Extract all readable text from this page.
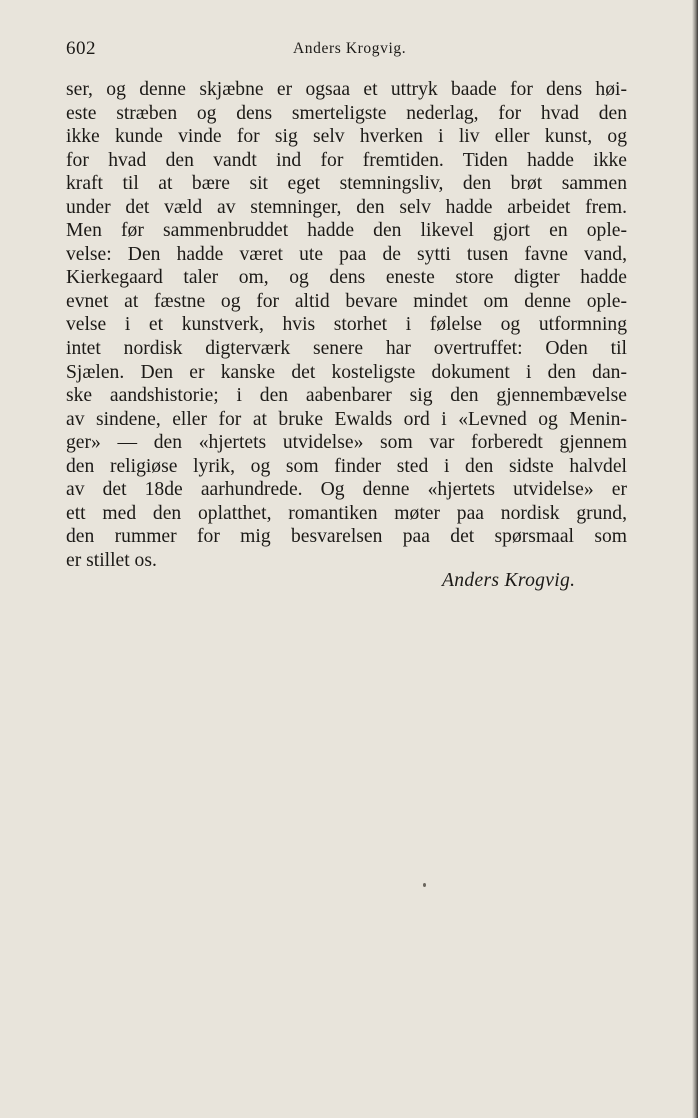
602	Anders Krogvig.
ser, og denne skjæbne er ogsaa et uttryk baade for dens høi-
este stræben og dens smerteligste nederlag, for hvad den
ikke kunde vinde for sig selv hverken i liv eller kunst, og
for hvad den vandt ind for fremtiden. Tiden hadde ikke
kraft til at bære sit eget stemningsliv, den brøt sammen
under det væld av stemninger, den selv hadde arbeidet frem.
Men før sammenbruddet hadde den likevel gjort en ople-
velse: Den hadde været ute paa de sytti tusen favne vand,
Kierkegaard taler om, og dens eneste store digter hadde
evnet at fæstne og for altid bevare mindet om denne ople-
velse i et kunstverk, hvis storhet i følelse og utformning
intet nordisk digterværk senere har overtruffet: Oden til
Sjælen. Den er kanske det kosteligste dokument i den dan-
ske aandshistorie; i den aabenbarer sig den gjennembævelse
av sindene, eller for at bruke Ewalds ord i «Levned og Menin-
ger» — den «hjertets utvidelse» som var forberedt gjennem
den religiøse lyrik, og som finder sted i den sidste halvdel
av det 18de aarhundrede. Og denne «hjertets utvidelse» er
ett med den oplatthet, romantiken møter paa nordisk grund,
den rummer for mig besvarelsen paa det spørsmaal som
er stillet os.
Anders Krogvig.
